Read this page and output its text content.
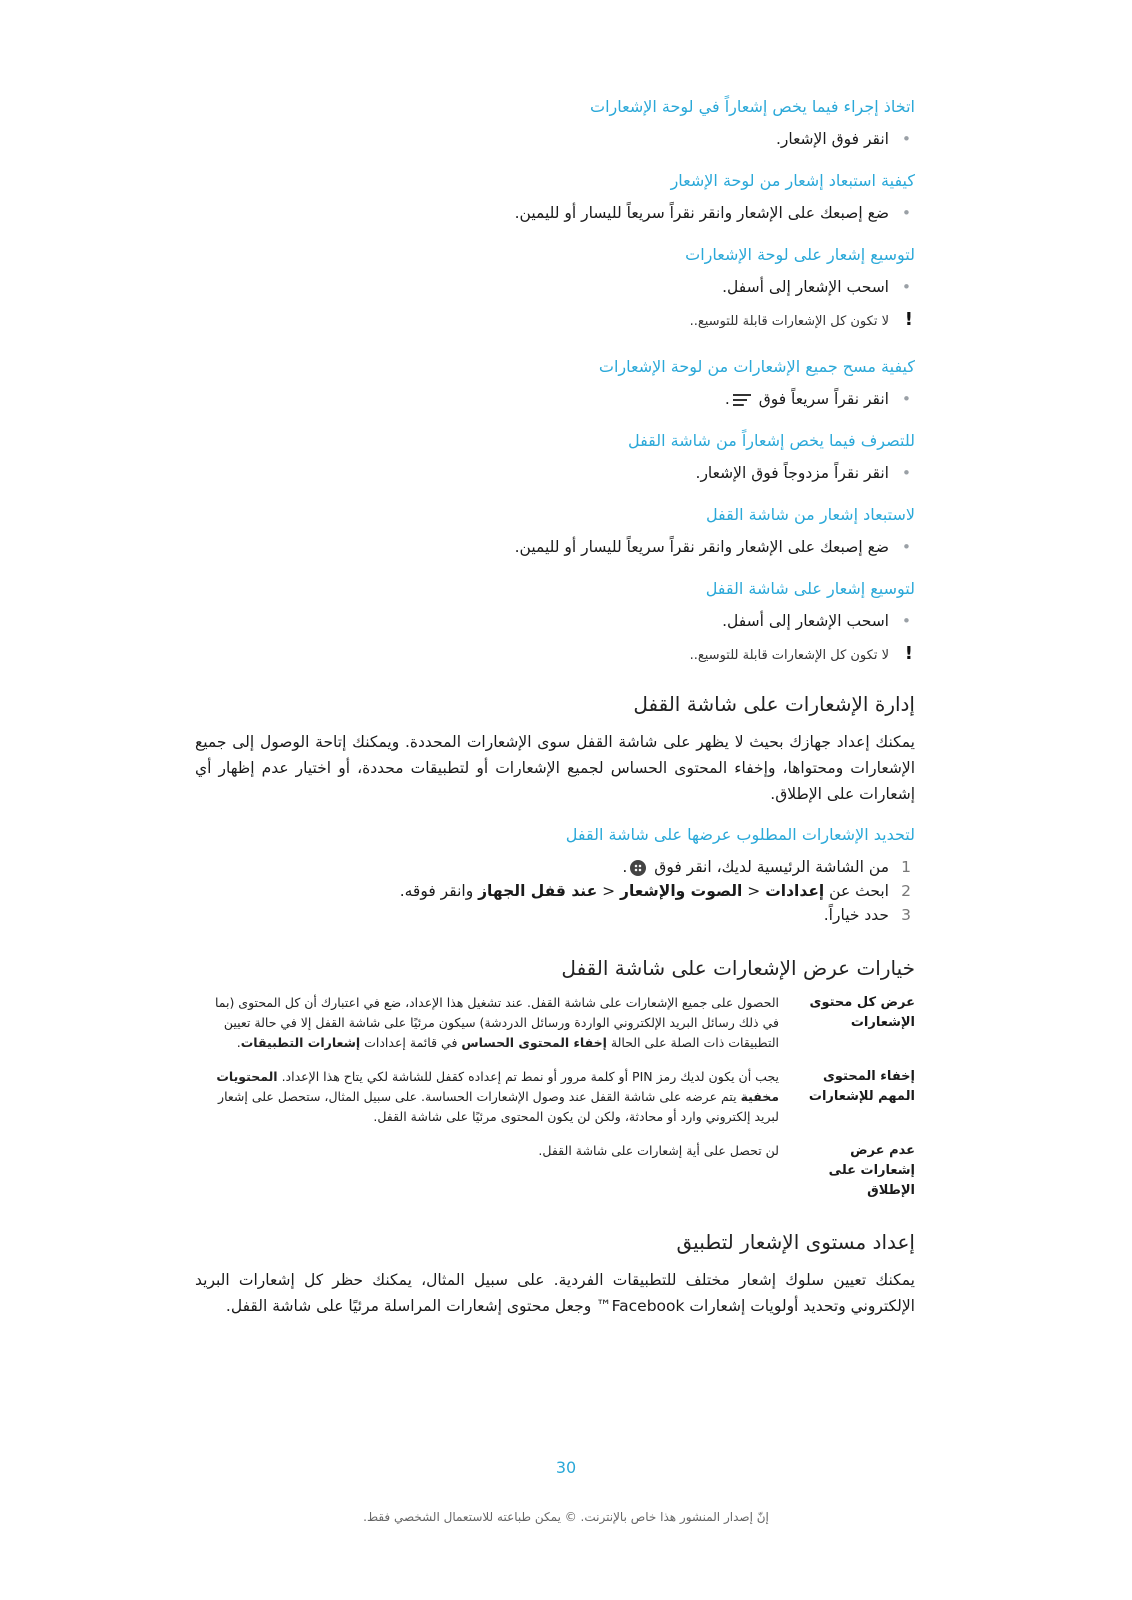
اتخاذ إجراء فيما يخص إشعاراً في لوحة الإشعارات
• انقر فوق الإشعار.
كيفية استبعاد إشعار من لوحة الإشعار
• ضع إصبعك على الإشعار وانقر نقراً سريعاً لليسار أو لليمين.
لتوسيع إشعار على لوحة الإشعارات
• اسحب الإشعار إلى أسفل.
!
لا تكون كل الإشعارات قابلة للتوسيع..
كيفية مسح جميع الإشعارات من لوحة الإشعارات
• انقر نقراً سريعاً فوق .
للتصرف فيما يخص إشعاراً من شاشة القفل
• انقر نقراً مزدوجاً فوق الإشعار.
لاستبعاد إشعار من شاشة القفل
• ضع إصبعك على الإشعار وانقر نقراً سريعاً لليسار أو لليمين.
لتوسيع إشعار على شاشة القفل
• اسحب الإشعار إلى أسفل.
!
لا تكون كل الإشعارات قابلة للتوسيع..
إدارة الإشعارات على شاشة القفل

يمكنك إعداد جهازك بحيث لا يظهر على شاشة القفل سوى الإشعارات المحددة. ويمكنك إتاحة الوصول إلى جميع الإشعارات ومحتواها، وإخفاء المحتوى الحساس لجميع الإشعارات أو لتطبيقات محددة، أو اختيار عدم إظهار أي إشعارات على الإطلاق.

لتحديد الإشعارات المطلوب عرضها على شاشة القفل
1
من الشاشة الرئيسية لديك، انقر فوق .
2
ابحث عن إعدادات < الصوت والإشعار < عند قفل الجهاز وانقر فوقه.
3
حدد خياراً.
خيارات عرض الإشعارات على شاشة القفل
عرض كل محتوى الإشعارات
الحصول على جميع الإشعارات على شاشة القفل. عند تشغيل هذا الإعداد، ضع في اعتبارك أن كل المحتوى (بما في ذلك رسائل البريد الإلكتروني الواردة ورسائل الدردشة) سيكون مرئيًا على شاشة القفل إلا في حالة تعيين التطبيقات ذات الصلة على الحالة إخفاء المحتوى الحساس في قائمة إعدادات إشعارات التطبيقات.
إخفاء المحتوى المهم للإشعارات
يجب أن يكون لديك رمز PIN أو كلمة مرور أو نمط تم إعداده كقفل للشاشة لكي يتاح هذا الإعداد. المحتويات مخفية يتم عرضه على شاشة القفل عند وصول الإشعارات الحساسة. على سبيل المثال، ستحصل على إشعار لبريد إلكتروني وارد أو محادثة، ولكن لن يكون المحتوى مرئيًا على شاشة القفل.
عدم عرض إشعارات على الإطلاق
لن تحصل على أية إشعارات على شاشة القفل.
إعداد مستوى الإشعار لتطبيق

يمكنك تعيين سلوك إشعار مختلف للتطبيقات الفردية. على سبيل المثال، يمكنك حظر كل إشعارات البريد الإلكتروني وتحديد أولويات إشعارات Facebook™ وجعل محتوى إشعارات المراسلة مرئيًا على شاشة القفل.

30
إنّ إصدار المنشور هذا خاص بالإنترنت. © يمكن طباعته للاستعمال الشخصي فقط.
